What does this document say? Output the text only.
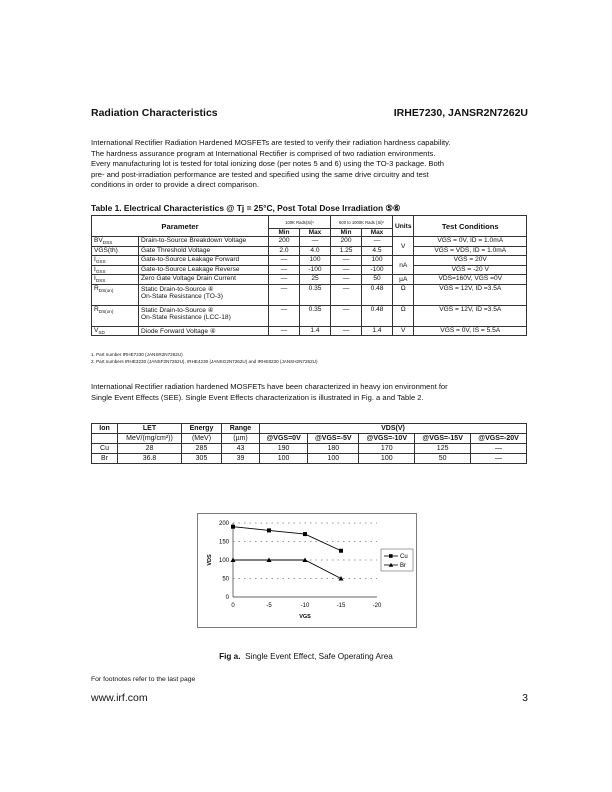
Radiation Characteristics	IRHE7230, JANSR2N7262U
International Rectifier Radiation Hardened MOSFETs are tested to verify their radiation hardness capability.
The hardness assurance program at International Rectifier is comprised of two radiation environments.
Every manufacturing lot is tested for total ionizing dose (per notes 5 and 6) using the TO-3 package. Both
pre- and post-irradiation performance are tested and specified using the same drive circuitry and test
conditions in order to provide a direct comparison.
Table 1. Electrical Characteristics @ Tj = 25°C, Post Total Dose Irradiation ⑤⑥
Parameter		100K Rads(Si)¹		600 to 1000K Rads (Si)²		Units	Test Conditions
		Min	Max	Min	Max		
$BV_{DSS}$	Drain-to-Source Breakdown Voltage	200	—	200	—	V	VGS = 0V, ID = 1.0mA
VGS(th)	Gate Threshold Voltage	2.0	4.0	1.25	4.5		VGS = VDS, ID = 1.0mA
$I_{GSS}$	Gate-to-Source Leakage Forward	—	100	—	100	nA	VGS = 20V
$I_{GSS}$	Gate-to-Source Leakage Reverse	—	-100	—	-100		VGS = -20 V
$I_{DSS}$	Zero Gate Voltage Drain Current	—	25	—	50	µA	VDS=160V, VGS =0V
$R_{DS(on)}$	Static Drain-to-Source ④
On-State Resistance (TO-3)	—	0.35	—	0.48	Ω	VGS = 12V, ID =3.5A
$R_{DS(on)}$	Static Drain-to-Source ④
On-State Resistance (LCC-18)	—	0.35	—	0.48	Ω	VGS = 12V, ID =3.5A
$V_{SD}$	Diode Forward Voltage ④	—	1.4	—	1.4	V	VGS = 0V, IS = 5.5A
1. Part number IRHE7230 (JANSR2N7262U)
2. Part numbers IRHE3230 (JANSF2N7262U), IRHE4230 (JANSG2N7262U) and IRHE8230 (JANSH2N7262U)

International Rectifier radiation hardened MOSFETs have been characterized in heavy ion environment for
Single Event Effects (SEE). Single Event Effects characterization is illustrated in Fig. a and Table 2.
Ion	LET	Energy	Range	VDS(V)				
	MeV/(mg/cm²))	(MeV)	(µm)	@VGS=0V	@VGS=-5V	@VGS=-10V	@VGS=-15V	@VGS=-20V
Cu	28	285	43	190	180	170	125	—
Br	36.8	305	39	100	100	100	50	—
0
50
100
150
200
0	-5	-10	-15	-20
VGS
VDS	Cu
Br
Fig a. Single Event Effect, Safe Operating Area
For footnotes refer to the last page
www.irf.com	3
